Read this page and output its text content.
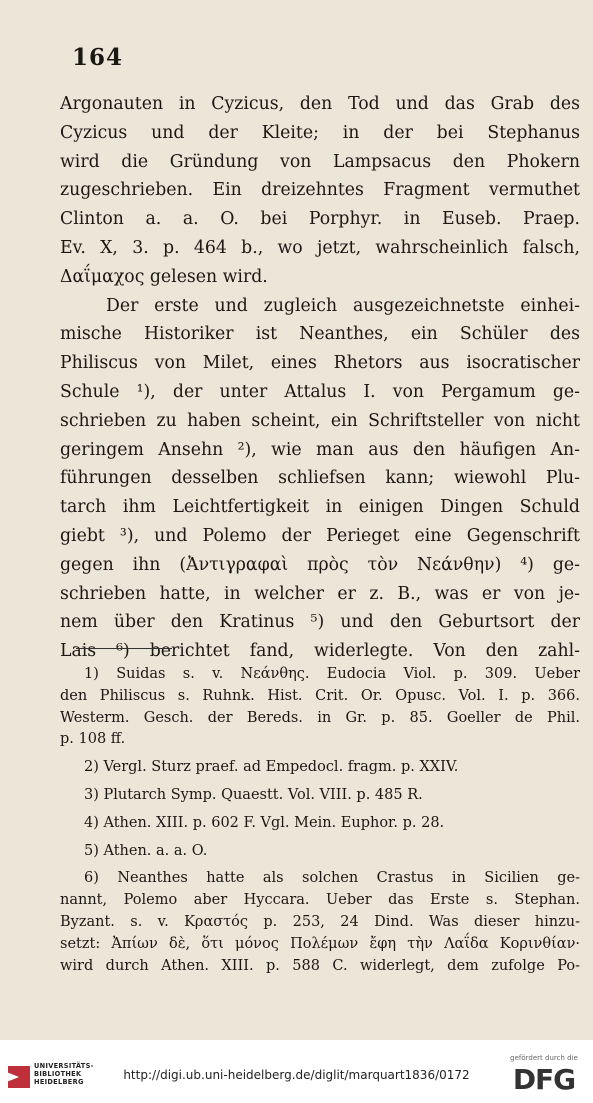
164
Argonauten in Cyzicus, den Tod und das Grab des
Cyzicus und der Kleite; in der bei Stephanus
wird die Gründung von Lampsacus den Phokern
zugeschrieben. Ein dreizehntes Fragment vermuthet
Clinton a. a. O. bei Porphyr. in Euseb. Praep.
Ev. X, 3. p. 464 b., wo jetzt, wahrscheinlich falsch,
Δαΐμαχος gelesen wird.
Der erste und zugleich ausgezeichnetste einhei-
mische Historiker ist Neanthes, ein Schüler des
Philiscus von Milet, eines Rhetors aus isocratischer
Schule ¹), der unter Attalus I. von Pergamum ge-
schrieben zu haben scheint, ein Schriftsteller von nicht
geringem Ansehn ²), wie man aus den häufigen An-
führungen desselben schliefsen kann; wiewohl Plu-
tarch ihm Leichtfertigkeit in einigen Dingen Schuld
giebt ³), und Polemo der Perieget eine Gegenschrift
gegen ihn (Ἀντιγραφαὶ πρὸς τὸν Νεάνθην) ⁴) ge-
schrieben hatte, in welcher er z. B., was er von je-
nem über den Kratinus ⁵) und den Geburtsort der
Lais ⁶) berichtet fand, widerlegte. Von den zahl-
1) Suidas s. v. Νεάνθης. Eudocia Viol. p. 309. Ueber
den Philiscus s. Ruhnk. Hist. Crit. Or. Opusc. Vol. I. p. 366.
Westerm. Gesch. der Bereds. in Gr. p. 85. Goeller de Phil.
p. 108 ff.
2) Vergl. Sturz praef. ad Empedocl. fragm. p. XXIV.
3) Plutarch Symp. Quaestt. Vol. VIII. p. 485 R.
4) Athen. XIII. p. 602 F. Vgl. Mein. Euphor. p. 28.
5) Athen. a. a. O.
6) Neanthes hatte als solchen Crastus in Sicilien ge-
nannt, Polemo aber Hyccara. Ueber das Erste s. Stephan.
Byzant. s. v. Κραστός p. 253, 24 Dind. Was dieser hinzu-
setzt: Ἀπίων δὲ, ὅτι μόνος Πολέμων ἔφη τὴν Λαΐδα Κορινθίαν·
wird durch Athen. XIII. p. 588 C. widerlegt, dem zufolge Po-
UNIVERSITÄTS-
BIBLIOTHEK
HEIDELBERG	http://digi.ub.uni-heidelberg.de/diglit/marquart1836/0172
gefördert durch die
DFG
